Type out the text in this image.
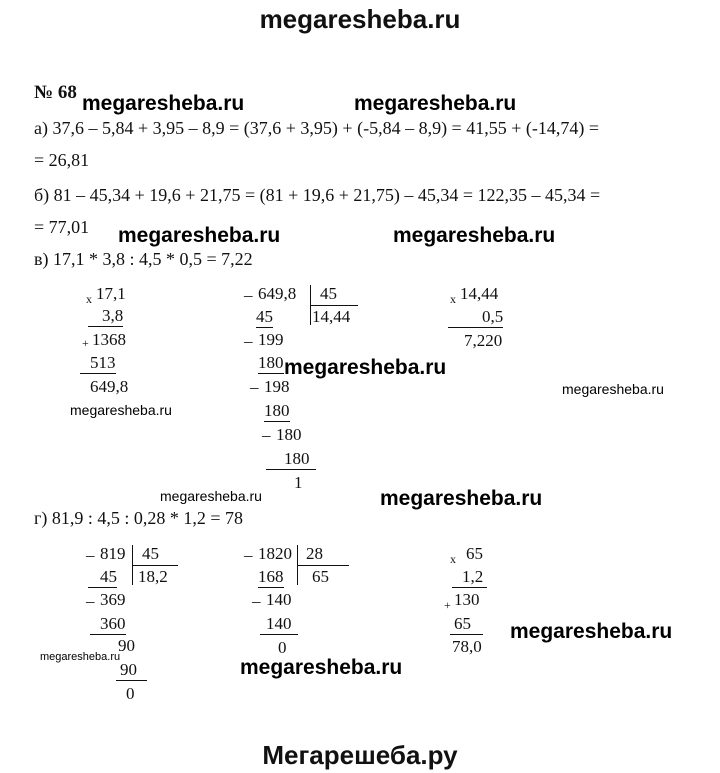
megaresheba.ru
Мегарешеба.ру
megaresheba.ru	megaresheba.ru
megaresheba.ru	megaresheba.ru
megaresheba.ru
megaresheba.ru
megaresheba.ru
megaresheba.ru	megaresheba.ru
megaresheba.ru
megaresheba.ru	megaresheba.ru
№ 68
а) 37,6 – 5,84 + 3,95 – 8,9 = (37,6 + 3,95) + (-5,84 – 8,9) = 41,55 + (-14,74) =
= 26,81
б) 81 – 45,34 + 19,6 + 21,75 = (81 + 19,6 + 21,75) – 45,34 = 122,35 – 45,34 =
= 77,01
в) 17,1 * 3,8 : 4,5 * 0,5 = 7,22
г) 81,9 : 4,5 : 0,28 * 1,2 = 78
х 17,1
3,8
+ 1368
513
649,8
_ 649,8 45
14,44
45
_ 199
180
_ 198
180
_ 180
180
1
х 14,44
0,5
7,220
_ 819 45
18,2
45
_ 369
360
90
90
0
_ 1820 28
65
168
_ 140
140
0
х 65
1,2
+ 130
65
78,0
